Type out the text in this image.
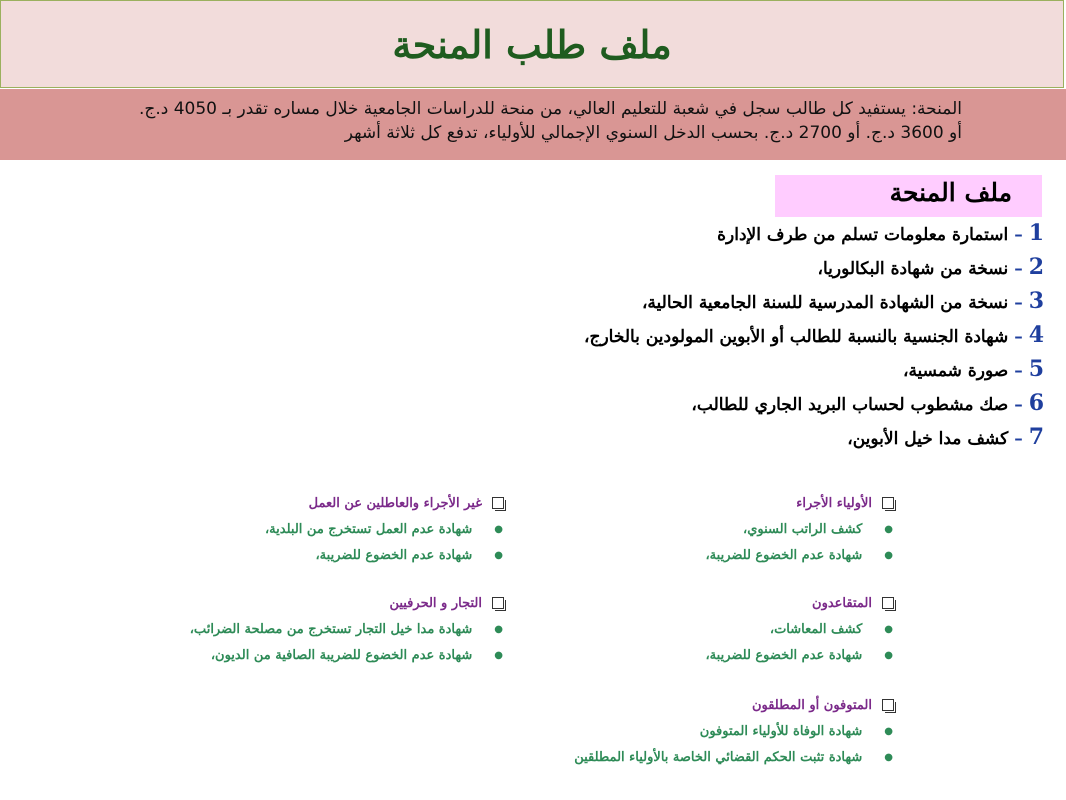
ملف طلب المنحة

المنحة: يستفيد كل طالب سجل في شعبة للتعليم العالي، من منحة للدراسات الجامعية خلال مساره تقدر بـ 4050 د.ج.

أو 3600 د.ج. أو 2700 د.ج. بحسب الدخل السنوي الإجمالي للأولياء، تدفع كل ثلاثة أشهر

ملف المنحة
1–استمارة معلومات تسلم من طرف الإدارة
2–نسخة من شهادة البكالوريا،
3–نسخة من الشهادة المدرسية للسنة الجامعية الحالية،
4–شهادة الجنسية بالنسبة للطالب أو الأبوين المولودين بالخارج،
5–صورة شمسية،
6–صك مشطوب لحساب البريد الجاري للطالب،
7–كشف مدا خيل الأبوين،
الأولياء الأجراء
●
كشف الراتب السنوي،
●
شهادة عدم الخضوع للضريبة،
المتقاعدون
●
كشف المعاشات،
●
شهادة عدم الخضوع للضريبة،
المتوفون أو المطلقون
●
شهادة الوفاة للأولياء المتوفون
●
شهادة تثبت الحكم القضائي الخاصة بالأولياء المطلقين
غير الأجراء والعاطلين عن العمل
●
شهادة عدم العمل تستخرج من البلدية،
●
شهادة عدم الخضوع للضريبة،
التجار و الحرفيين
●
شهادة مدا خيل التجار تستخرج من مصلحة الضرائب،
●
شهادة عدم الخضوع للضريبة الصافية من الديون،
